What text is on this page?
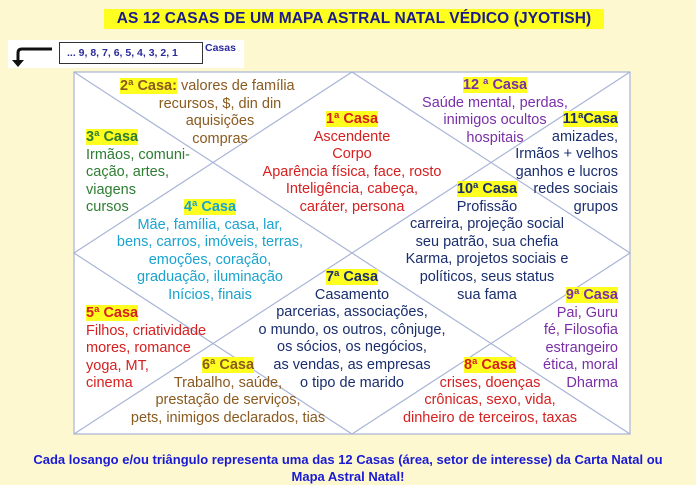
AS 12 CASAS DE UM MAPA ASTRAL NATAL VÉDICO (JYOTISH)
... 9, 8, 7, 6, 5, 4, 3, 2, 1	Casas
2ª Casa: valores de família
recursos, $, din din
aquisições
compras
1ª Casa
Ascendente
Corpo
Aparência física, face, rosto
Inteligência, cabeça,
caráter, persona
12 ª Casa
Saúde mental, perdas,
inimigos ocultos
hospitais
3ª Casa
Irmãos, comuni-
cação, artes,
viagens
cursos
11ªCasa
amizades,
Irmãos + velhos
ganhos e lucros
redes sociais
grupos
4ª Casa
Mãe, família, casa, lar,
bens, carros, imóveis, terras,
emoções, coração,
graduação, iluminação
Inícios, finais
10ª Casa
Profissão
carreira, projeção social
seu patrão, sua chefia
Karma, projetos sociais e
políticos, seus status
sua fama
7ª Casa
Casamento
parcerias, associações,
o mundo, os outros, cônjuge,
os sócios, os negócios,
as vendas, as empresas
o tipo de marido
5ª Casa
Filhos, criatividade
mores, romance
yoga, MT,
cinema
9ª Casa
Pai, Guru
fé, Filosofia
estrangeiro
ética, moral
Dharma
6ª Casa
Trabalho, saúde,
prestação de serviços,
pets, inimigos declarados, tias
8ª Casa
crises, doenças
crônicas, sexo, vida,
dinheiro de terceiros, taxas
Cada losango e/ou triângulo representa uma das 12 Casas (área, setor de interesse) da Carta Natal ou Mapa Astral Natal!
